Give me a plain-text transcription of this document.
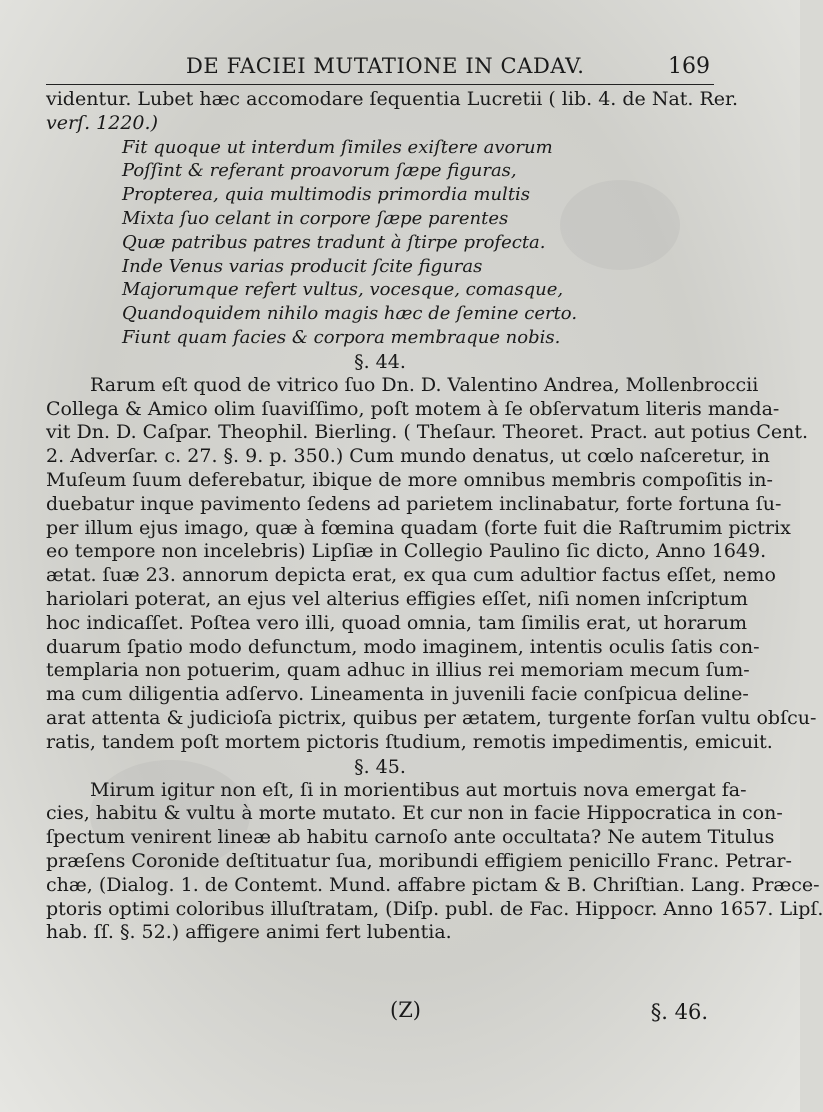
DE FACIEI MUTATIONE IN CADAV.	169
videntur. Lubet hæc accomodare ſequentia Lucretii ( lib. 4. de Nat. Rer.
verſ. 1220.)
Fit quoque ut interdum ſimiles exiſtere avorum
Poſſint & referant proavorum ſæpe figuras,
Propterea, quia multimodis primordia multis
Mixta ſuo celant in corpore ſæpe parentes
Quæ patribus patres tradunt à ſtirpe profecta.
Inde Venus varias producit ſcite figuras
Majorumque refert vultus, vocesque, comasque,
Quandoquidem nihilo magis hæc de ſemine certo.
Fiunt quam facies & corpora membraque nobis.
§. 44.
Rarum eſt quod de vitrico ſuo Dn. D. Valentino Andrea, Mollenbroccii
Collega & Amico olim ſuaviſſimo, poſt motem à ſe obſervatum literis manda-
vit Dn. D. Caſpar. Theophil. Bierling. ( Theſaur. Theoret. Pract. aut potius Cent.
2. Adverſar. c. 27. §. 9. p. 350.) Cum mundo denatus, ut cœlo naſceretur, in
Muſeum ſuum deferebatur, ibique de more omnibus membris compoſitis in-
duebatur inque pavimento ſedens ad parietem inclinabatur, forte fortuna ſu-
per illum ejus imago, quæ à fœmina quadam (forte fuit die Raſtrumim pictrix
eo tempore non incelebris) Lipſiæ in Collegio Paulino ſic dicto, Anno 1649.
ætat. ſuæ 23. annorum depicta erat, ex qua cum adultior factus eſſet, nemo
hariolari poterat, an ejus vel alterius effigies eſſet, niſi nomen inſcriptum
hoc indicaſſet. Poſtea vero illi, quoad omnia, tam ſimilis erat, ut horarum
duarum ſpatio modo defunctum, modo imaginem, intentis oculis ſatis con-
templaria non potuerim, quam adhuc in illius rei memoriam mecum ſum-
ma cum diligentia adſervo. Lineamenta in juvenili facie conſpicua deline-
arat attenta & judicioſa pictrix, quibus per ætatem, turgente forſan vultu obſcu-
ratis, tandem poſt mortem pictoris ſtudium, remotis impedimentis, emicuit.
§. 45.
Mirum igitur non eſt, ſi in morientibus aut mortuis nova emergat fa-
cies, habitu & vultu à morte mutato. Et cur non in facie Hippocratica in con-
ſpectum venirent lineæ ab habitu carnoſo ante occultata? Ne autem Titulus
præſens Coronide deſtituatur ſua, moribundi effigiem penicillo Franc. Petrar-
chæ, (Dialog. 1. de Contemt. Mund. affabre pictam & B. Chriſtian. Lang. Præce-
ptoris optimi coloribus illuſtratam, (Diſp. publ. de Fac. Hippocr. Anno 1657. Lipſ.
hab. ſſ. §. 52.) affigere animi fert lubentia.
(Z)	§. 46.
